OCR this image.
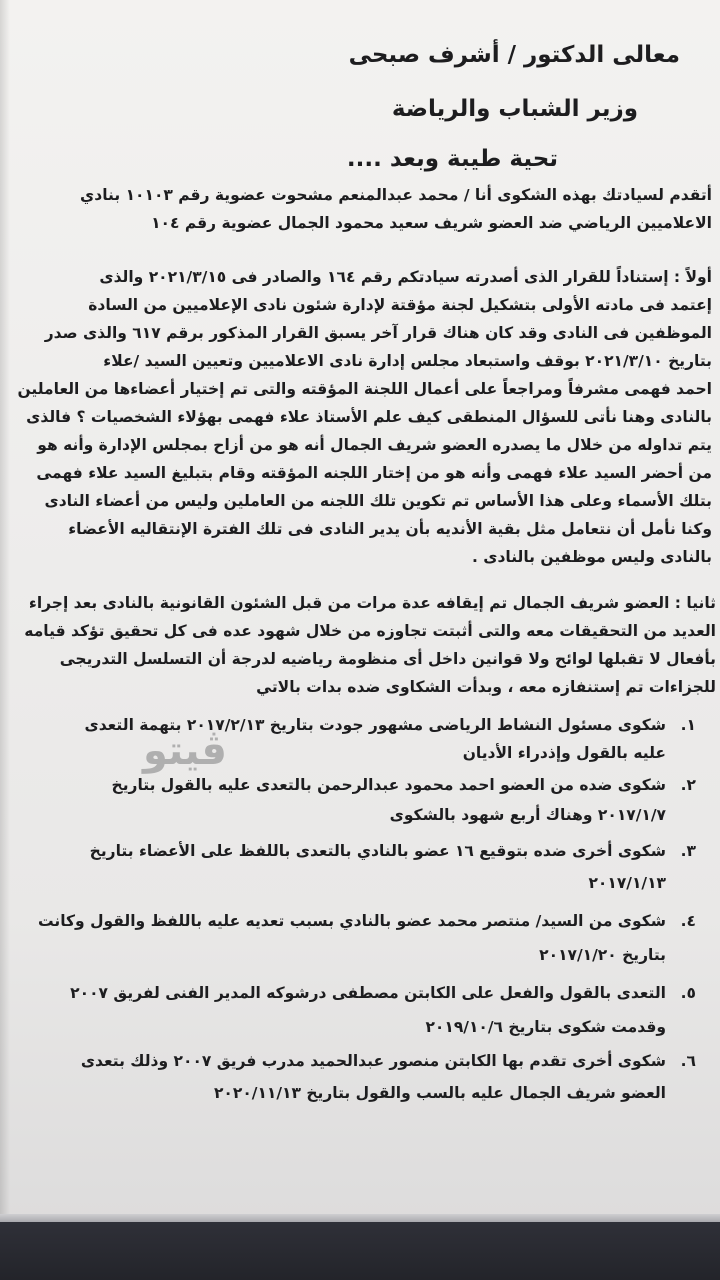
معالى الدكتور / أشرف صبحى
وزير الشباب والرياضة
تحية طيبة وبعد ....
أتقدم لسيادتك بهذه الشكوى أنا / محمد عبدالمنعم مشحوت عضوية رقم ١٠١٠٣ بنادي
الاعلاميين الرياضي ضد العضو شريف سعيد محمود الجمال عضوية رقم ١٠٤
أولاً : إستناداً للقرار الذى أصدرته سيادتكم رقم ١٦٤ والصادر فى ٢٠٢١/٣/١٥ والذى
إعتمد فى مادته الأولى بتشكيل لجنة مؤقتة لإدارة شئون نادى الإعلاميين من السادة
الموظفين فى النادى وقد كان هناك قرار آخر يسبق القرار المذكور برقم ٦١٧ والذى صدر
بتاريخ ٢٠٢١/٣/١٠ بوقف واستبعاد مجلس إدارة نادى الاعلاميين وتعيين السيد /علاء
احمد فهمى مشرفاً ومراجعاً على أعمال اللجنة المؤقته والتى تم إختيار أعضاءها من العاملين
بالنادى وهنا نأتى للسؤال المنطقى كيف علم الأستاذ علاء فهمى بهؤلاء الشخصيات ؟ فالذى
يتم تداوله من خلال ما يصدره العضو شريف الجمال أنه هو من أزاح بمجلس الإدارة وأنه هو
من أحضر السيد علاء فهمى وأنه هو من إختار اللجنه المؤقته وقام بتبليغ السيد علاء فهمى
بتلك الأسماء وعلى هذا الأساس تم تكوين تلك اللجنه من العاملين وليس من أعضاء النادى
وكنا نأمل أن نتعامل مثل بقية الأنديه بأن يدير النادى فى تلك الفترة الإنتقاليه الأعضاء
بالنادى وليس موظفين بالنادى .
ثانيا : العضو شريف الجمال تم إيقافه عدة مرات من قبل الشئون القانونية بالنادى بعد إجراء
العديد من التحقيقات معه والتى أثبتت تجاوزه من خلال شهود عده فى كل تحقيق تؤكد قيامه
بأفعال لا تقبلها لوائح ولا قوانين داخل أى منظومة رياضيه لدرجة أن التسلسل التدريجى
للجزاءات تم إستنفازه معه ، وبدأت الشكاوى ضده بدات بالاتي
١.
شكوى مسئول النشاط الرياضى مشهور جودت بتاريخ ٢٠١٧/٢/١٣ بتهمة التعدى
عليه بالقول وإذدراء الأديان
٢.
شكوى ضده من العضو احمد محمود عبدالرحمن بالتعدى عليه بالقول بتاريخ
٢٠١٧/١/٧ وهناك أربع شهود بالشكوى
٣.
شكوى أخرى ضده بتوقيع ١٦ عضو بالنادي بالتعدى باللفظ على الأعضاء بتاريخ
٢٠١٧/١/١٣
٤.
شكوى من السيد/ منتصر محمد عضو بالنادي بسبب تعديه عليه باللفظ والقول وكانت
بتاريخ ٢٠١٧/١/٢٠
٥.
التعدى بالقول والفعل على الكابتن مصطفى درشوكه المدير الفنى لفريق ٢٠٠٧
وقدمت شكوى بتاريخ ٢٠١٩/١٠/٦
٦.
شكوى أخرى تقدم بها الكابتن منصور عبدالحميد مدرب فريق ٢٠٠٧ وذلك بتعدى
العضو شريف الجمال عليه بالسب والقول بتاريخ ٢٠٢٠/١١/١٣
ڤيتو
